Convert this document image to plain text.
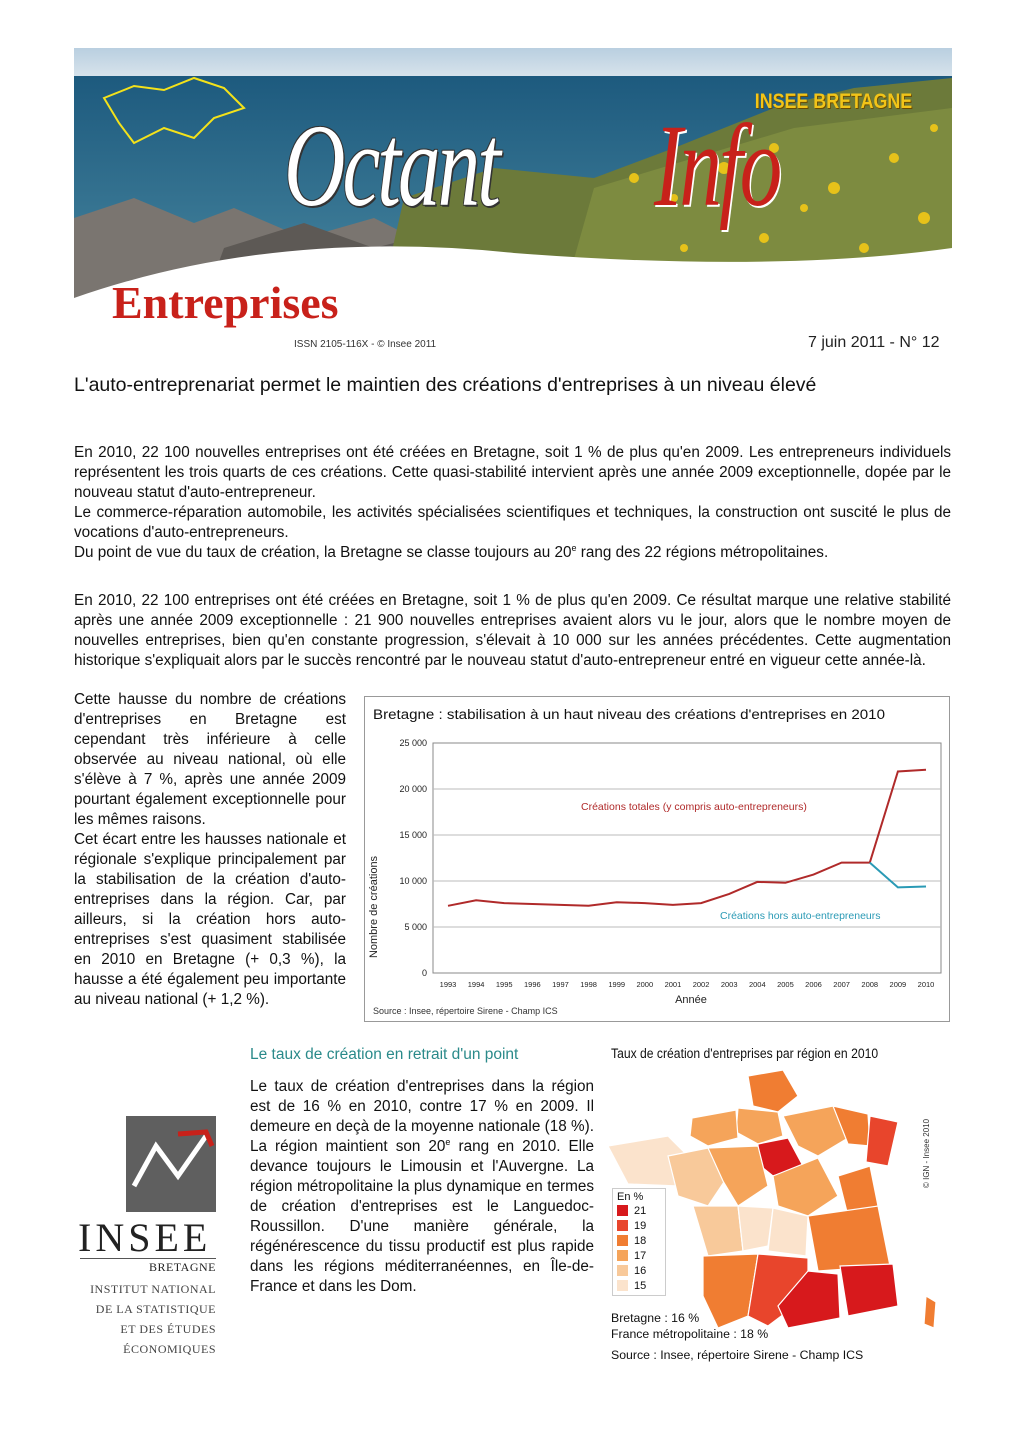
Octant Info
INSEE BRETAGNE
Entreprises
ISSN 2105-116X - © Insee 2011	7 juin 2011 - N° 12
L'auto-entreprenariat permet le maintien des créations d'entreprises à un niveau élevé
En 2010, 22 100 nouvelles entreprises ont été créées en Bretagne, soit 1 % de plus qu'en 2009. Les entrepreneurs individuels représentent les trois quarts de ces créations. Cette quasi-stabilité intervient après une année 2009 exceptionnelle, dopée par le nouveau statut d'auto-entrepreneur.
Le commerce-réparation automobile, les activités spécialisées scientifiques et techniques, la construction ont suscité le plus de vocations d'auto-entrepreneurs.
Du point de vue du taux de création, la Bretagne se classe toujours au 20e rang des 22 régions métropolitaines.
En 2010, 22 100 entreprises ont été créées en Bretagne, soit 1 % de plus qu'en 2009. Ce résultat marque une relative stabilité après une année 2009 exceptionnelle : 21 900 nouvelles entreprises avaient alors vu le jour, alors que le nombre moyen de nouvelles entreprises, bien qu'en constante progression, s'élevait à 10 000 sur les années précédentes. Cette augmentation historique s'expliquait alors par le succès rencontré par le nouveau statut d'auto-entrepreneur entré en vigueur cette année-là.
Cette hausse du nombre de créations d'entreprises en Bretagne est cependant très inférieure à celle observée au niveau national, où elle s'élève à 7 %, après une année 2009 pourtant également exceptionnelle pour les mêmes raisons.
Cet écart entre les hausses nationale et régionale s'explique principalement par la stabilisation de la création d'auto-entreprises dans la région. Car, par ailleurs, si la création hors auto-entreprises s'est quasiment stabilisée en 2010 en Bretagne (+ 0,3 %), la hausse a été également peu importante au niveau national (+ 1,2 %).
Bretagne : stabilisation à un haut niveau des créations d'entreprises en 2010
Nombre de créations
Année
Source : Insee, répertoire Sirene - Champ ICS
0
5 000
10 000
15 000
20 000
25 000
1993 1994 1995 1996 1997 1998 1999 2000 2001 2002 2003 2004 2005 2006 2007 2008 2009 2010
Créations totales (y compris auto-entrepreneurs)
Créations hors auto-entrepreneurs
Le taux de création en retrait d'un point
Le taux de création d'entreprises dans la région est de 16 % en 2010, contre 17 % en 2009. Il demeure en deçà de la moyenne nationale (18 %). La région maintient son 20e rang en 2010. Elle devance toujours le Limousin et l'Auvergne. La région métropolitaine la plus dynamique en termes de création d'entreprises est le Languedoc-Roussillon. D'une manière générale, la régénérescence du tissu productif est plus rapide dans les régions méditerranéennes, en Île-de-France et dans les Dom.
Taux de création d'entreprises par région en 2010
En %
21
19
18
17
16
15
© IGN - Insee 2010
Bretagne : 16 %
France métropolitaine : 18 %
Source : Insee, répertoire Sirene - Champ ICS
INSEE
BRETAGNE
INSTITUT NATIONAL
DE LA STATISTIQUE
ET DES ÉTUDES
ÉCONOMIQUES
